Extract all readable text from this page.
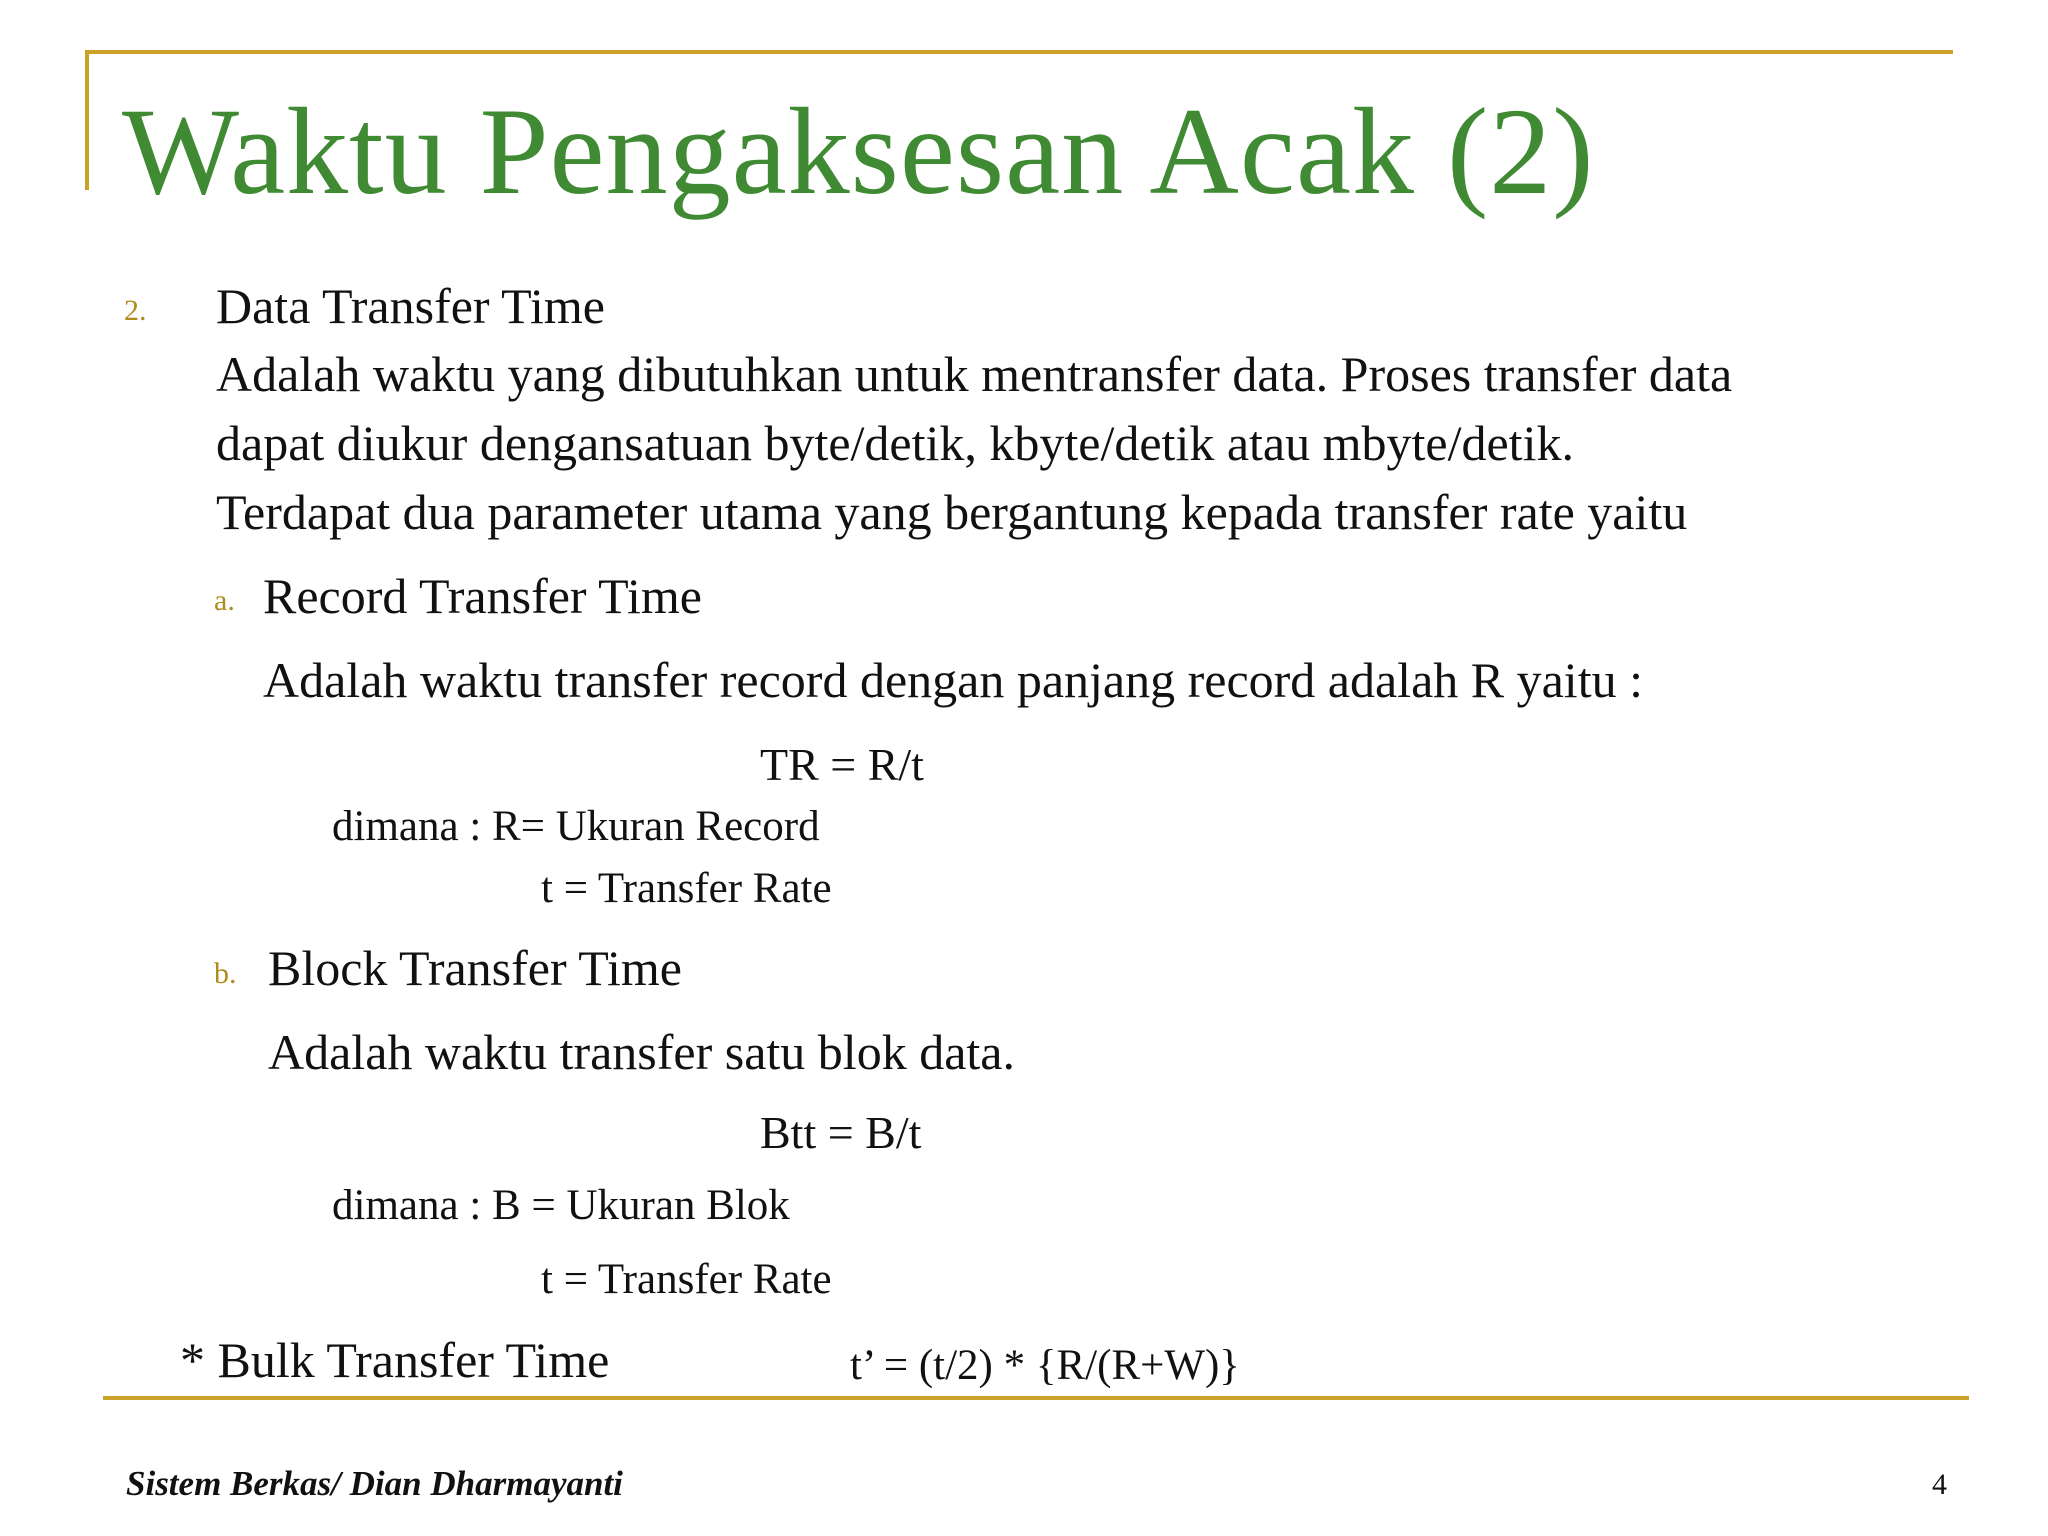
Waktu Pengaksesan Acak (2)
2. Data Transfer Time
Adalah waktu yang dibutuhkan untuk mentransfer data. Proses transfer data
dapat diukur dengansatuan byte/detik, kbyte/detik atau mbyte/detik.
Terdapat dua parameter utama yang bergantung kepada transfer rate yaitu
a. Record Transfer Time
Adalah waktu transfer record dengan panjang record adalah R yaitu :
TR = R/t
dimana : R= Ukuran Record
t = Transfer Rate
b. Block Transfer Time
Adalah waktu transfer satu blok data.
Btt = B/t
dimana : B = Ukuran Blok
t = Transfer Rate
* Bulk Transfer Time	t’ = (t/2) * {R/(R+W)}
Sistem Berkas/ Dian Dharmayanti	4
